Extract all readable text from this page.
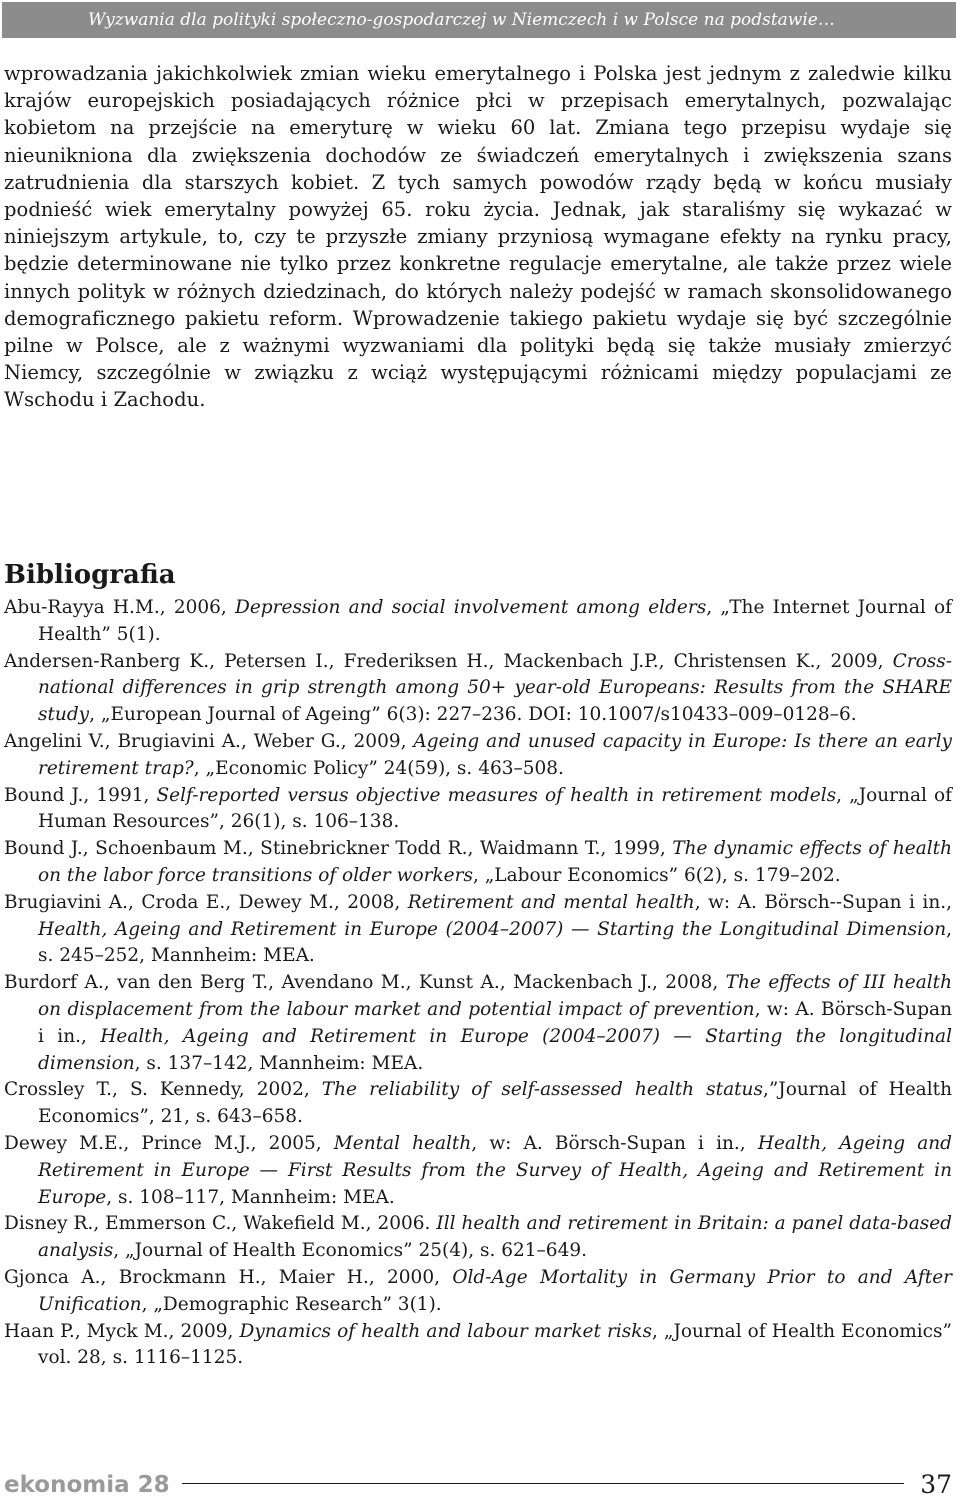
Wyzwania dla polityki społeczno-gospodarczej w Niemczech i w Polsce na podstawie…

wprowadzania jakichkolwiek zmian wieku emerytalnego i Polska jest jednym z zaledwie kilku krajów europejskich posiadających różnice płci w przepisach emerytalnych, pozwalając kobietom na przejście na emeryturę w wieku 60 lat. Zmiana tego przepisu wydaje się nieunikniona dla zwiększenia dochodów ze świadczeń emerytalnych i zwiększenia szans zatrudnienia dla starszych kobiet. Z tych samych powodów rządy będą w końcu musiały podnieść wiek emerytalny powyżej 65. roku życia. Jednak, jak staraliśmy się wykazać w niniejszym artykule, to, czy te przyszłe zmiany przyniosą wymagane efekty na rynku pracy, będzie determinowane nie tylko przez konkretne regulacje emerytalne, ale także przez wiele innych polityk w różnych dziedzinach, do których należy podejść w ramach skonsolidowanego demograficznego pakietu reform. Wprowadzenie takiego pakietu wydaje się być szczególnie pilne w Polsce, ale z ważnymi wyzwaniami dla polityki będą się także musiały zmierzyć Niemcy, szczególnie w związku z wciąż występującymi różnicami między populacjami ze Wschodu i Zachodu.

Bibliografia
Abu-Rayya H.M., 2006, Depression and social involvement among elders, „The Internet Journal of Health” 5(1).
Andersen-Ranberg K., Petersen I., Frederiksen H., Mackenbach J.P., Christensen K., 2009, Cross-national differences in grip strength among 50+ year-old Europeans: Results from the SHARE study, „European Journal of Ageing” 6(3): 227–236. DOI: 10.1007/s10433–009–0128–6.
Angelini V., Brugiavini A., Weber G., 2009, Ageing and unused capacity in Europe: Is there an early retirement trap?, „Economic Policy” 24(59), s. 463–508.
Bound J., 1991, Self-reported versus objective measures of health in retirement models, „Journal of Human Resources”, 26(1), s. 106–138.
Bound J., Schoenbaum M., Stinebrickner Todd R., Waidmann T., 1999, The dynamic effects of health on the labor force transitions of older workers, „Labour Economics” 6(2), s. 179–202.
Brugiavini A., Croda E., Dewey M., 2008, Retirement and mental health, w: A. Börsch--Supan i in., Health, Ageing and Retirement in Europe (2004–2007) — Starting the Longitudinal Dimension, s. 245–252, Mannheim: MEA.
Burdorf A., van den Berg T., Avendano M., Kunst A., Mackenbach J., 2008, The effects of III health on displacement from the labour market and potential impact of prevention, w: A. Börsch-Supan i in., Health, Ageing and Retirement in Europe (2004–2007) — Starting the longitudinal dimension, s. 137–142, Mannheim: MEA.
Crossley T., S. Kennedy, 2002, The reliability of self-assessed health status,”Journal of Health Economics”, 21, s. 643–658.
Dewey M.E., Prince M.J., 2005, Mental health, w: A. Börsch-Supan i in., Health, Ageing and Retirement in Europe — First Results from the Survey of Health, Ageing and Retirement in Europe, s. 108–117, Mannheim: MEA.
Disney R., Emmerson C., Wakefield M., 2006. Ill health and retirement in Britain: a panel data-based analysis, „Journal of Health Economics” 25(4), s. 621–649.
Gjonca A., Brockmann H., Maier H., 2000, Old-Age Mortality in Germany Prior to and After Unification, „Demographic Research” 3(1).
Haan P., Myck M., 2009, Dynamics of health and labour market risks, „Journal of Health Economics” vol. 28, s. 1116–1125.
ekonomia 28	37
